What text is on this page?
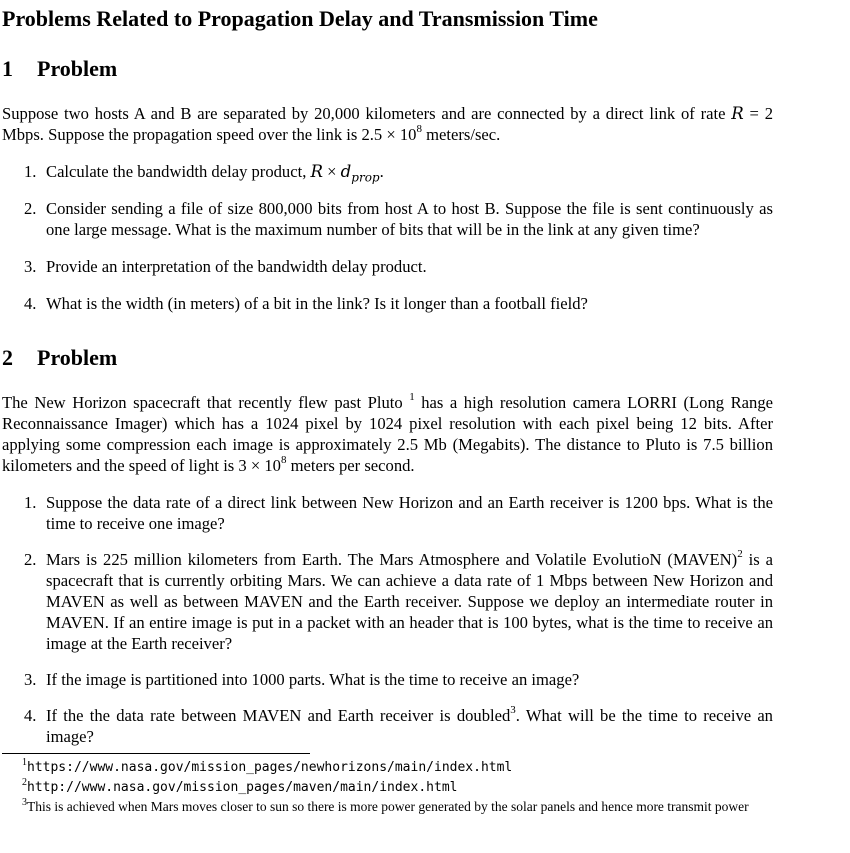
Problems Related to Propagation Delay and Transmission Time
1 Problem

Suppose two hosts A and B are separated by 20,000 kilometers and are connected by a direct link of rate R = 2 Mbps. Suppose the propagation speed over the link is $2.5 \times 10^8$ meters/sec.

1. Calculate the bandwidth delay product, $R \times d_{prop}$.
2. Consider sending a file of size 800,000 bits from host A to host B. Suppose the file is sent continuously as one large message. What is the maximum number of bits that will be in the link at any given time?
3. Provide an interpretation of the bandwidth delay product.
4. What is the width (in meters) of a bit in the link? Is it longer than a football field?
2 Problem

The New Horizon spacecraft that recently flew past Pluto $^1$ has a high resolution camera LORRI (Long Range Reconnaissance Imager) which has a 1024 pixel by 1024 pixel resolution with each pixel being 12 bits. After applying some compression each image is approximately 2.5 Mb (Megabits). The distance to Pluto is 7.5 billion kilometers and the speed of light is $3 \times 10^8$ meters per second.

1. Suppose the data rate of a direct link between New Horizon and an Earth receiver is 1200 bps. What is the time to receive one image?
2. Mars is 225 million kilometers from Earth. The Mars Atmosphere and Volatile EvolutioN (MAVEN)$^2$ is a spacecraft that is currently orbiting Mars. We can achieve a data rate of 1 Mbps between New Horizon and MAVEN as well as between MAVEN and the Earth receiver. Suppose we deploy an intermediate router in MAVEN. If an entire image is put in a packet with an header that is 100 bytes, what is the time to receive an image at the Earth receiver?
3. If the image is partitioned into 1000 parts. What is the time to receive an image?
4. If the the data rate between MAVEN and Earth receiver is doubled$^3$. What will be the time to receive an image?
$^1$https://www.nasa.gov/mission_pages/newhorizons/main/index.html
$^2$http://www.nasa.gov/mission_pages/maven/main/index.html
$^3$This is achieved when Mars moves closer to sun so there is more power generated by the solar panels and hence more transmit power
